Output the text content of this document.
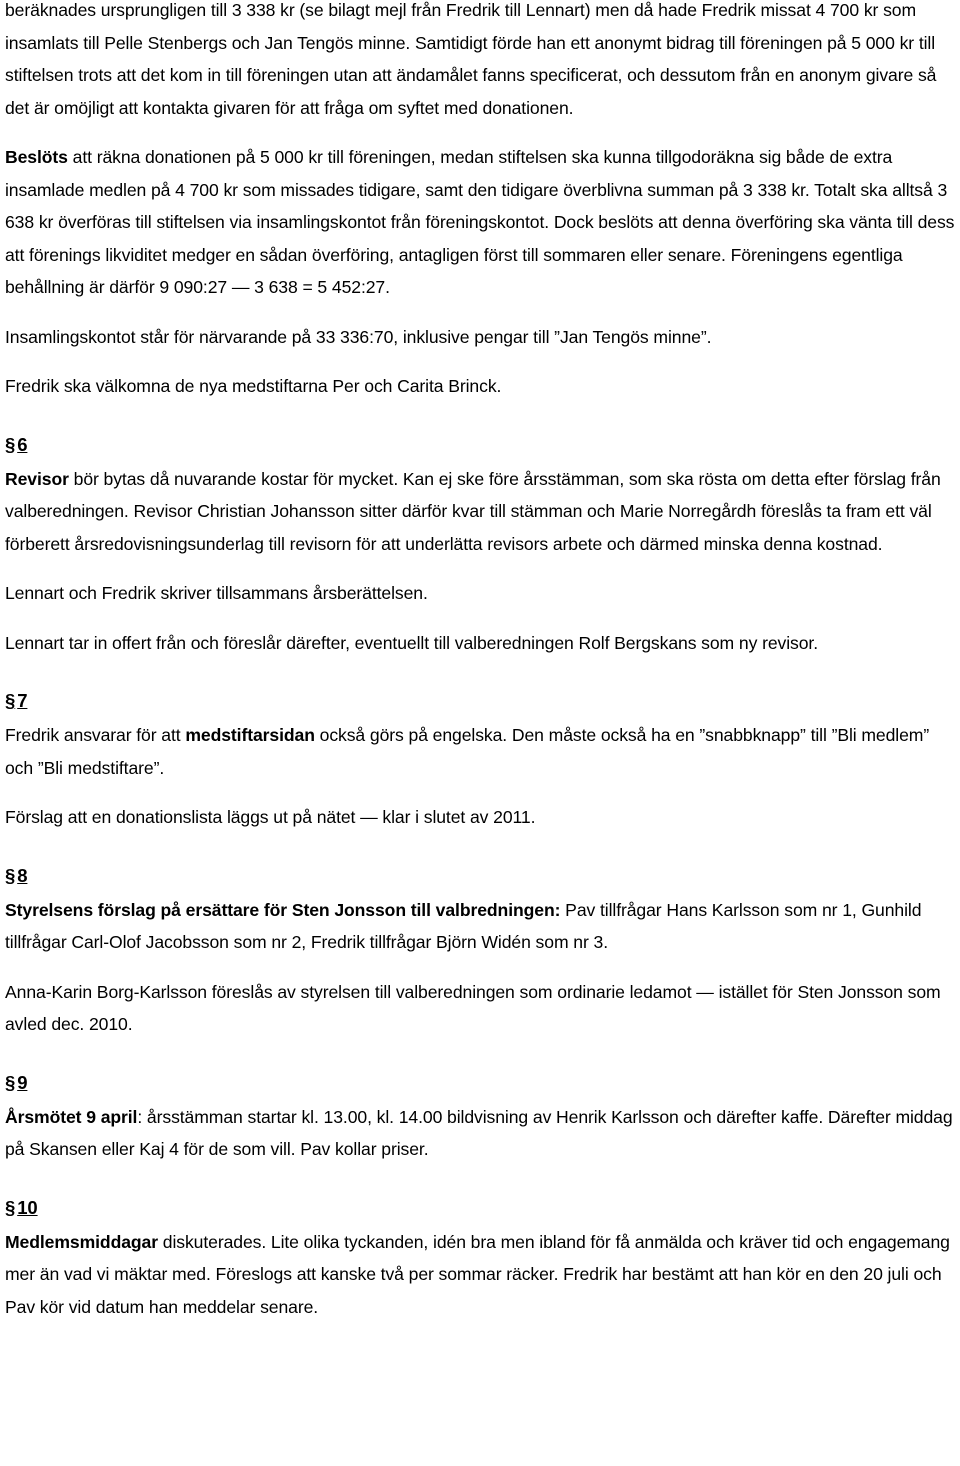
beräknades ursprungligen till 3 338 kr (se bilagt mejl från Fredrik till Lennart) men då hade Fredrik missat 4 700 kr som insamlats till Pelle Stenbergs och Jan Tengös minne. Samtidigt förde han ett anonymt bidrag till föreningen på 5 000 kr till stiftelsen trots att det kom in till föreningen utan att ändamålet fanns specificerat, och dessutom från en anonym givare så det är omöjligt att kontakta givaren för att fråga om syftet med donationen.

Beslöts att räkna donationen på 5 000 kr till föreningen, medan stiftelsen ska kunna tillgodoräkna sig både de extra insamlade medlen på 4 700 kr som missades tidigare, samt den tidigare överblivna summan på 3 338 kr. Totalt ska alltså 3 638 kr överföras till stiftelsen via insamlingskontot från föreningskontot. Dock beslöts att denna överföring ska vänta till dess att förenings likviditet medger en sådan överföring, antagligen först till sommaren eller senare. Föreningens egentliga behållning är därför 9 090:27 — 3 638 = 5 452:27.

Insamlingskontot står för närvarande på 33 336:70, inklusive pengar till ”Jan Tengös minne”.

Fredrik ska välkomna de nya medstiftarna Per och Carita Brinck.

§ 6

Revisor bör bytas då nuvarande kostar för mycket. Kan ej ske före årsstämman, som ska rösta om detta efter förslag från valberedningen. Revisor Christian Johansson sitter därför kvar till stämman och Marie Norregårdh föreslås ta fram ett väl förberett årsredovisningsunderlag till revisorn för att underlätta revisors arbete och därmed minska denna kostnad.

Lennart och Fredrik skriver tillsammans årsberättelsen.

Lennart tar in offert från och föreslår därefter, eventuellt till valberedningen Rolf Bergskans som ny revisor.

§ 7

Fredrik ansvarar för att medstiftarsidan också görs på engelska. Den måste också ha en ”snabbknapp” till ”Bli medlem” och ”Bli medstiftare”.

Förslag att en donationslista läggs ut på nätet — klar i slutet av 2011.

§ 8

Styrelsens förslag på ersättare för Sten Jonsson till valbredningen: Pav tillfrågar Hans Karlsson som nr 1, Gunhild tillfrågar Carl-Olof Jacobsson som nr 2, Fredrik tillfrågar Björn Widén som nr 3.

Anna-Karin Borg-Karlsson föreslås av styrelsen till valberedningen som ordinarie ledamot — istället för Sten Jonsson som avled dec. 2010.

§ 9

Årsmötet 9 april: årsstämman startar kl. 13.00, kl. 14.00 bildvisning av Henrik Karlsson och därefter kaffe. Därefter middag på Skansen eller Kaj 4 för de som vill. Pav kollar priser.

§ 10

Medlemsmiddagar diskuterades. Lite olika tyckanden, idén bra men ibland för få anmälda och kräver tid och engagemang mer än vad vi mäktar med. Föreslogs att kanske två per sommar räcker. Fredrik har bestämt att han kör en den 20 juli och Pav kör vid datum han meddelar senare.
